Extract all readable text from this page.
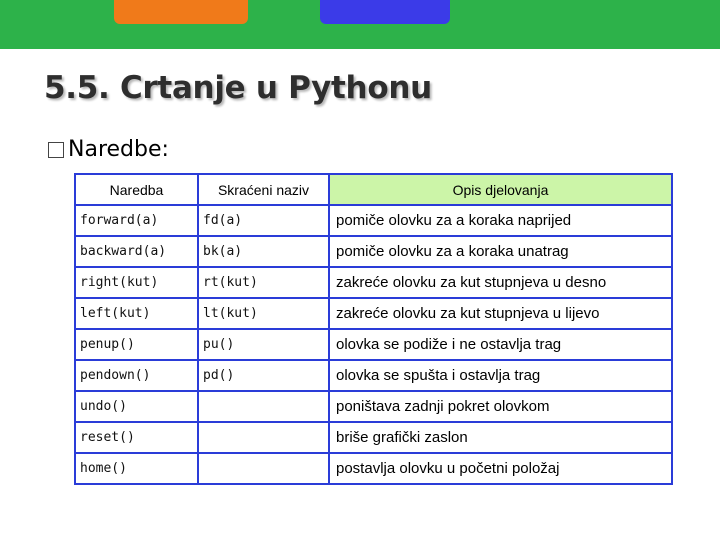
5.5. Crtanje u Pythonu
Naredbe:
Naredba	Skraćeni naziv	Opis djelovanja
forward(a)	fd(a)	pomiče olovku za a koraka naprijed
backward(a)	bk(a)	pomiče olovku za a koraka unatrag
right(kut)	rt(kut)	zakreće olovku za kut stupnjeva u desno
left(kut)	lt(kut)	zakreće olovku za kut stupnjeva u lijevo
penup()	pu()	olovka se podiže i ne ostavlja trag
pendown()	pd()	olovka se spušta i ostavlja trag
undo()		poništava zadnji pokret olovkom
reset()		briše grafički zaslon
home()		postavlja olovku u početni položaj
